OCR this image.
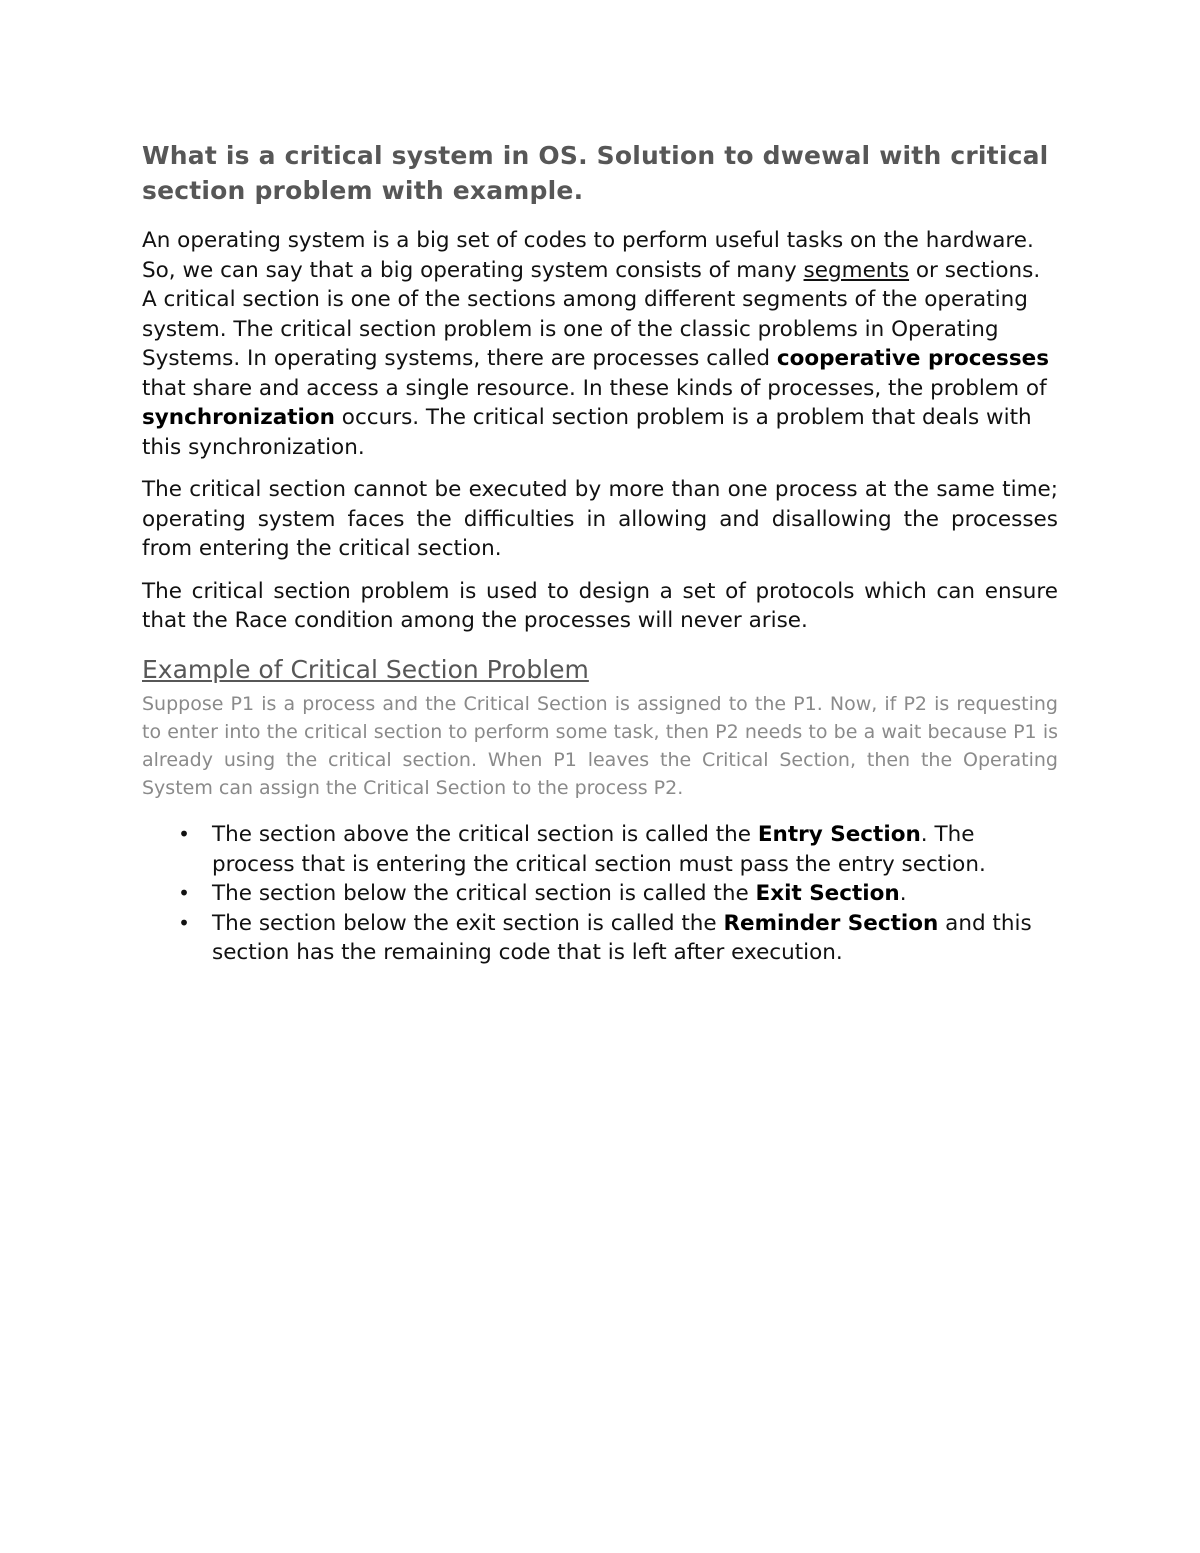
What is a critical system in OS. Solution to dwewal with critical section problem with example.

An operating system is a big set of codes to perform useful tasks on the hardware. So, we can say that a big operating system consists of many segments or sections. A critical section is one of the sections among different segments of the operating system. The critical section problem is one of the classic problems in Operating Systems. In operating systems, there are processes called cooperative processes that share and access a single resource. In these kinds of processes, the problem of synchronization occurs. The critical section problem is a problem that deals with this synchronization.

The critical section cannot be executed by more than one process at the same time; operating system faces the difficulties in allowing and disallowing the processes from entering the critical section.

The critical section problem is used to design a set of protocols which can ensure that the Race condition among the processes will never arise.

Example of Critical Section Problem

Suppose P1 is a process and the Critical Section is assigned to the P1. Now, if P2 is requesting to enter into the critical section to perform some task, then P2 needs to be a wait because P1 is already using the critical section. When P1 leaves the Critical Section, then the Operating System can assign the Critical Section to the process P2.

• The section above the critical section is called the Entry Section. The process that is entering the critical section must pass the entry section.
• The section below the critical section is called the Exit Section.
• The section below the exit section is called the Reminder Section and this section has the remaining code that is left after execution.
